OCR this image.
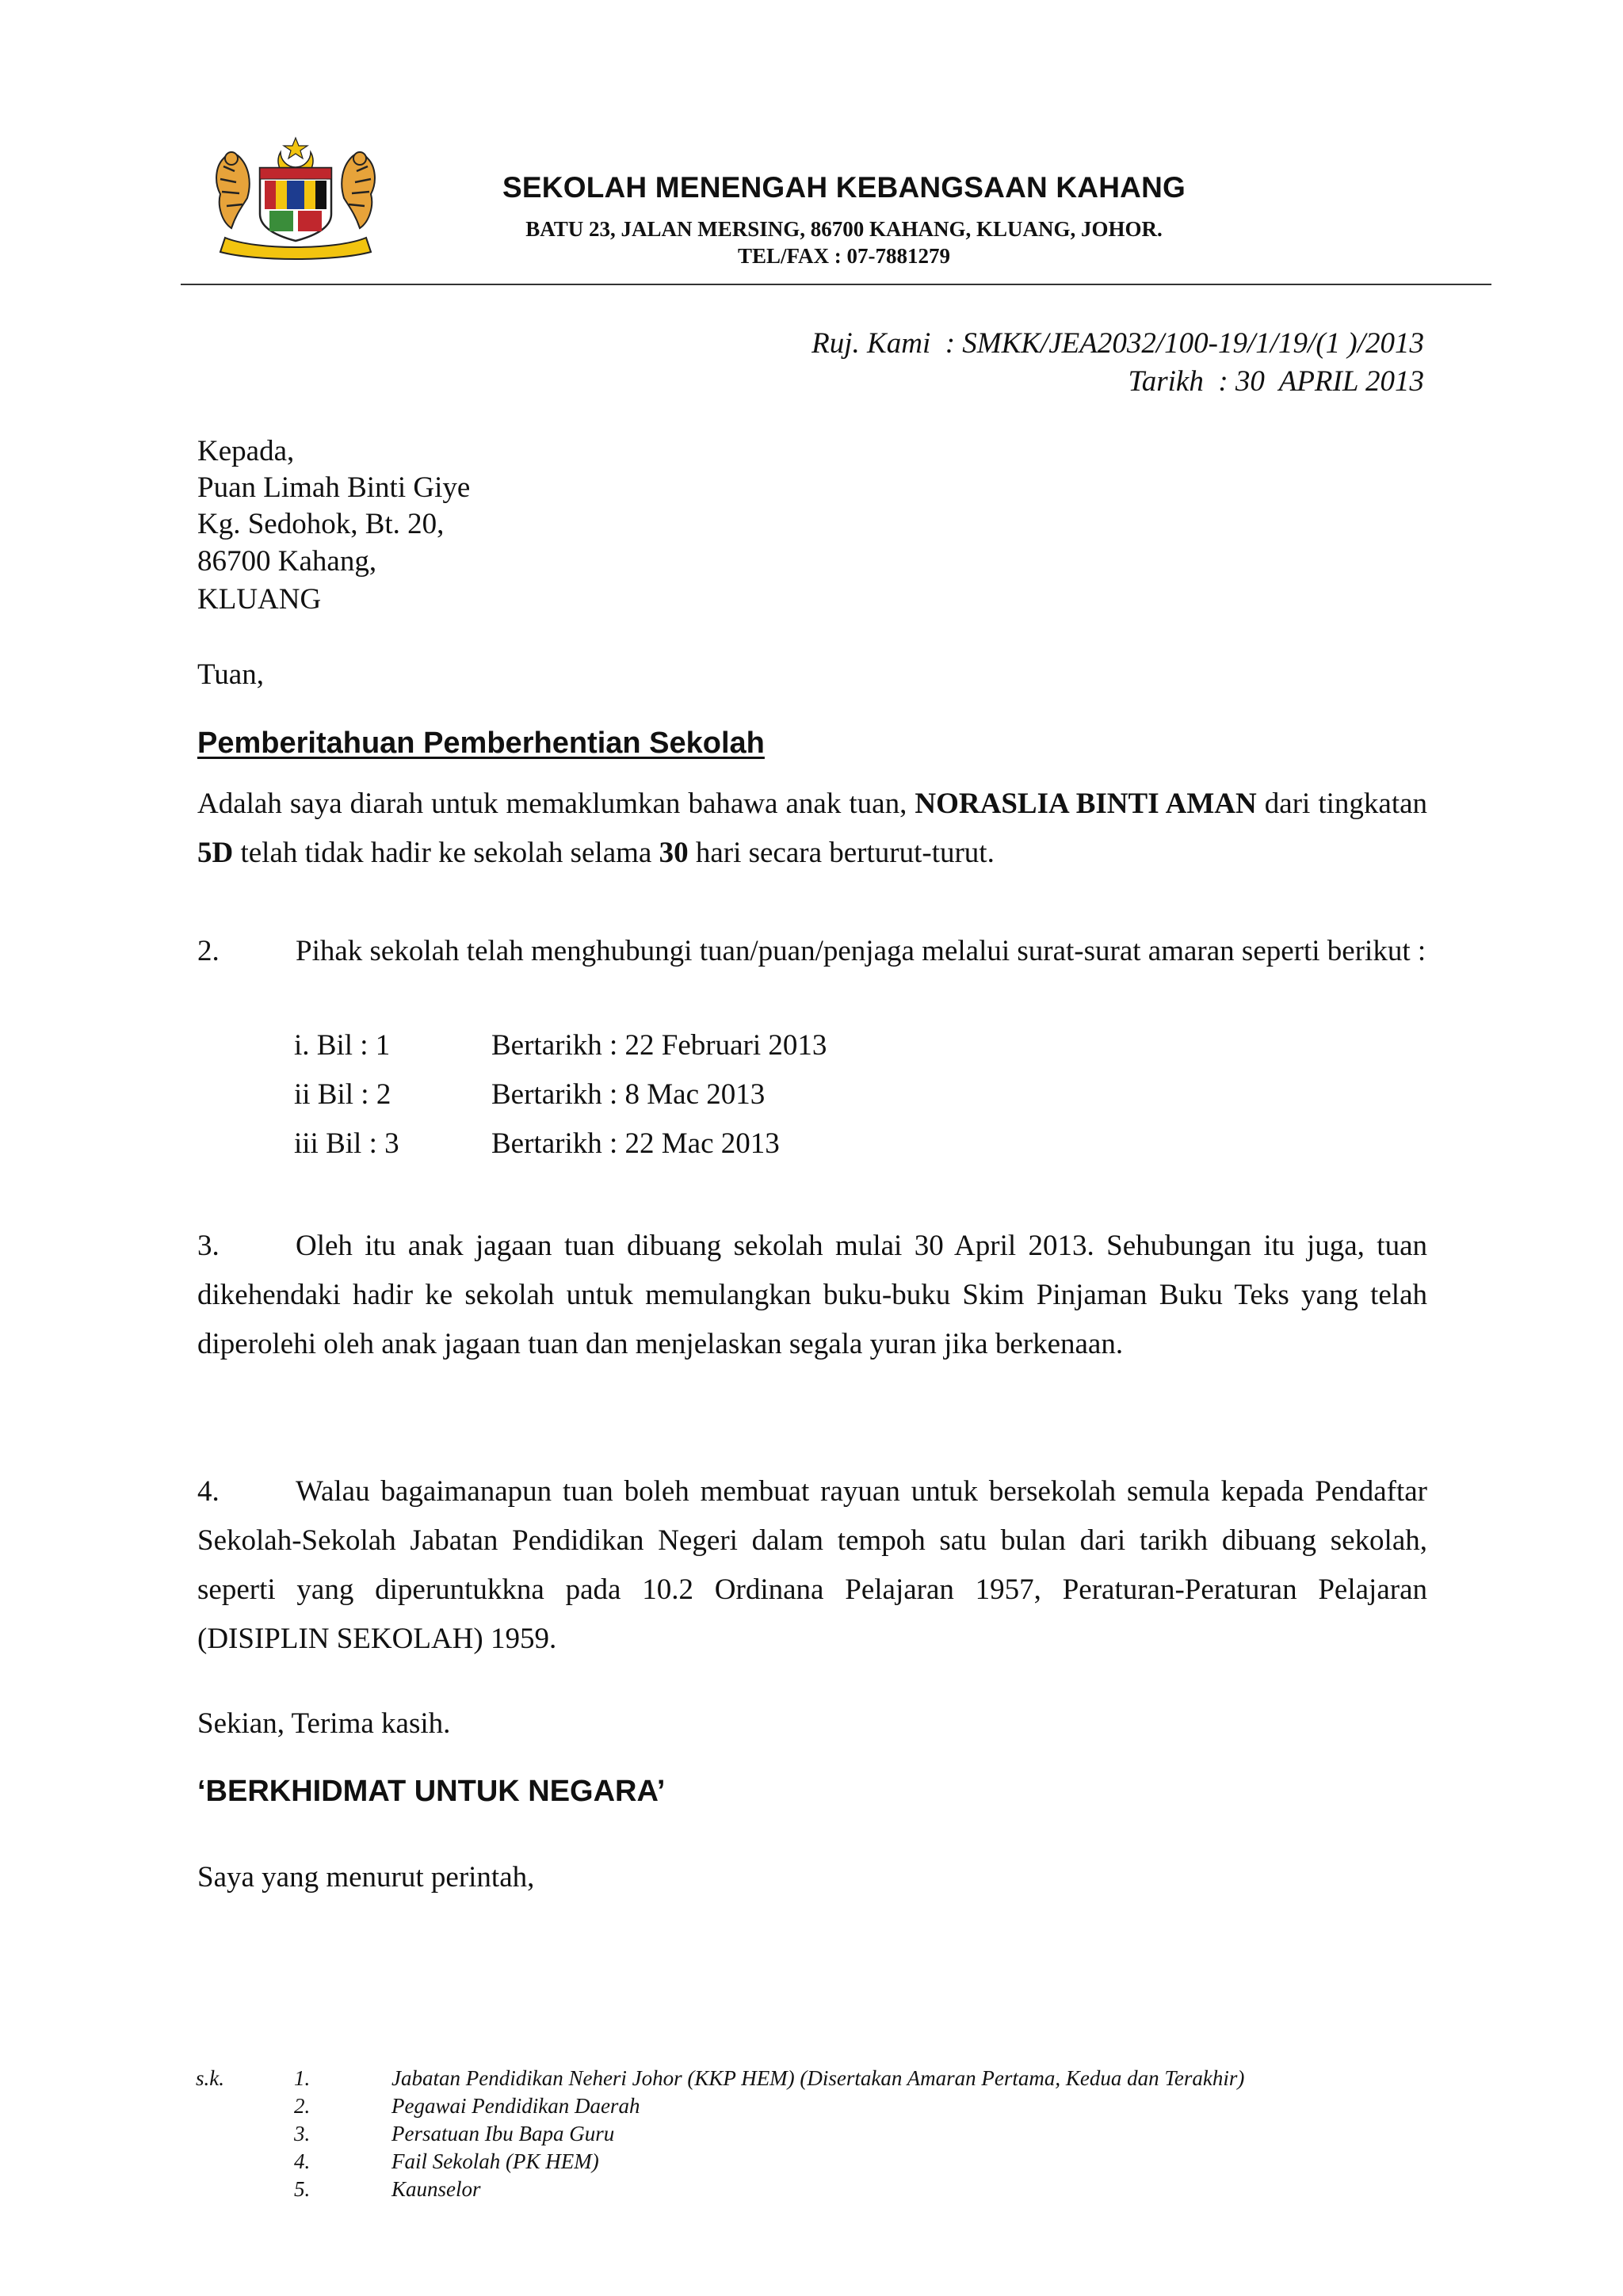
SEKOLAH MENENGAH KEBANGSAAN KAHANG
BATU 23, JALAN MERSING, 86700 KAHANG, KLUANG, JOHOR.
TEL/FAX : 07-7881279
Ruj. Kami  : SMKK/JEA2032/100-19/1/19/(1 )/2013
Tarikh  : 30  APRIL 2013
Kepada,
Puan Limah Binti Giye
Kg. Sedohok, Bt. 20,
86700 Kahang,
KLUANG
Tuan,
Pemberitahuan Pemberhentian Sekolah
Adalah saya diarah untuk memaklumkan bahawa anak tuan, NORASLIA BINTI AMAN dari tingkatan 5D telah tidak hadir ke sekolah selama 30 hari secara berturut-turut.
2.	Pihak sekolah telah menghubungi tuan/puan/penjaga melalui surat-surat amaran seperti berikut :
i. Bil : 1	Bertarikh : 22 Februari 2013
ii Bil : 2	Bertarikh : 8 Mac 2013
iii Bil : 3	Bertarikh : 22 Mac 2013
3.	Oleh itu anak jagaan tuan dibuang sekolah mulai 30 April 2013. Sehubungan itu juga, tuan dikehendaki hadir ke sekolah untuk memulangkan buku-buku Skim Pinjaman Buku Teks yang telah diperolehi oleh anak jagaan tuan dan menjelaskan segala yuran jika berkenaan.
4.	Walau bagaimanapun tuan boleh membuat rayuan untuk bersekolah semula kepada Pendaftar Sekolah-Sekolah Jabatan Pendidikan Negeri dalam tempoh satu bulan dari tarikh dibuang sekolah, seperti yang diperuntukkna pada 10.2 Ordinana Pelajaran 1957, Peraturan-Peraturan Pelajaran (DISIPLIN SEKOLAH) 1959.
Sekian, Terima kasih.
‘BERKHIDMAT UNTUK NEGARA’
Saya yang menurut perintah,
s.k.	1.	Jabatan Pendidikan Neheri Johor (KKP HEM) (Disertakan Amaran Pertama, Kedua dan Terakhir)
2.	Pegawai Pendidikan Daerah
3.	Persatuan Ibu Bapa Guru
4.	Fail Sekolah (PK HEM)
5.	Kaunselor
